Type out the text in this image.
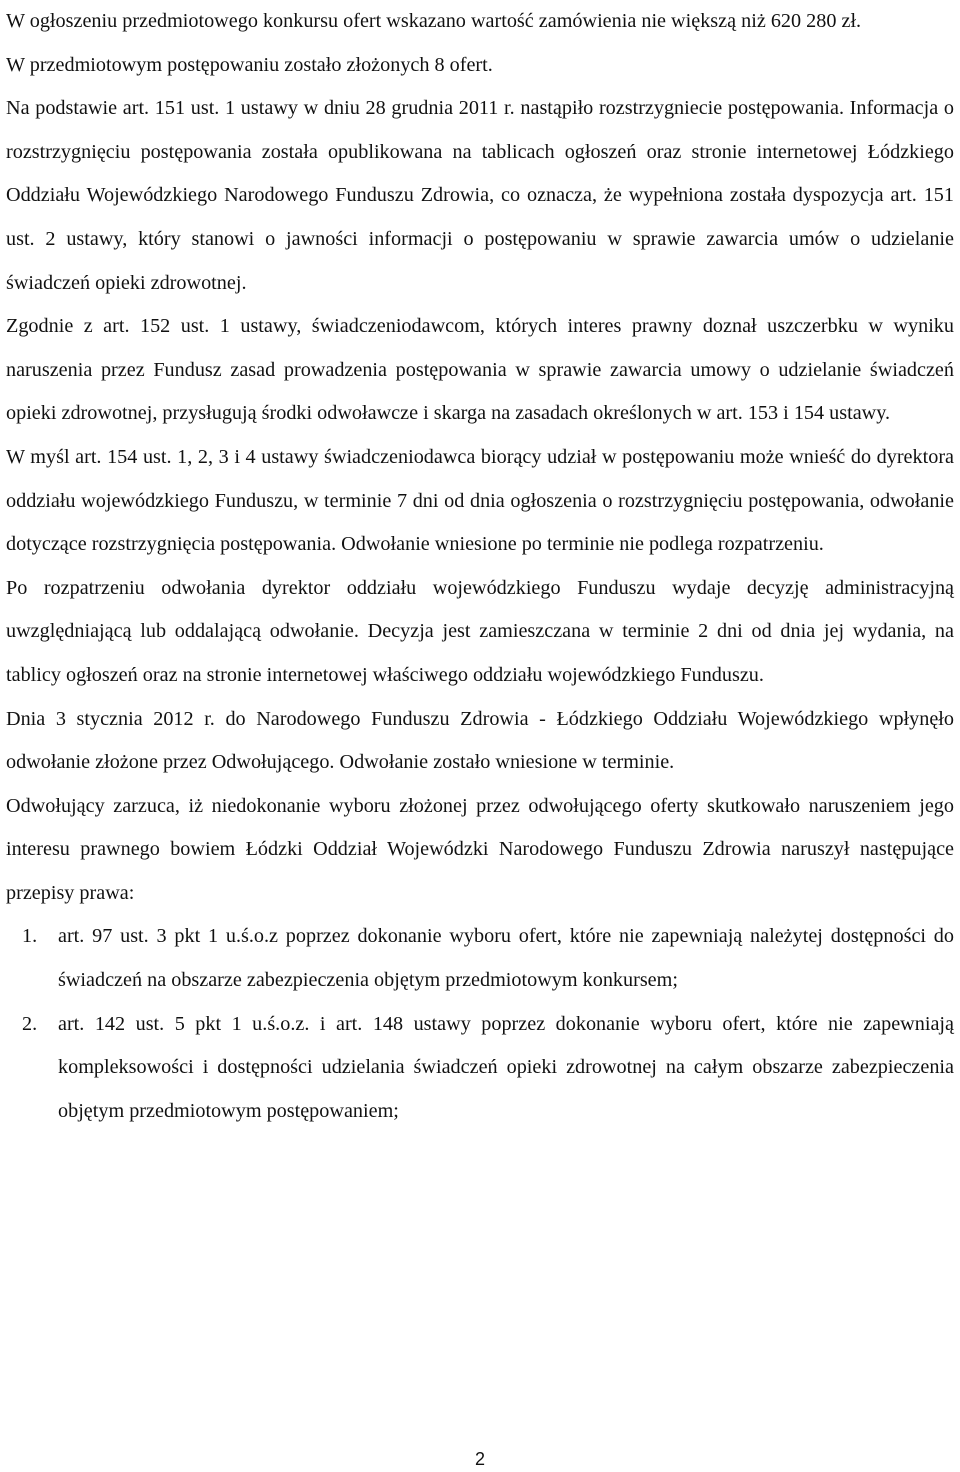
W ogłoszeniu przedmiotowego konkursu ofert wskazano wartość zamówienia nie większą niż 620 280 zł.

W przedmiotowym postępowaniu zostało złożonych 8 ofert.

Na podstawie art. 151 ust. 1 ustawy w dniu 28 grudnia 2011 r. nastąpiło rozstrzygniecie postępowania. Informacja o rozstrzygnięciu postępowania została opublikowana na tablicach ogłoszeń oraz stronie internetowej Łódzkiego Oddziału Wojewódzkiego Narodowego Funduszu Zdrowia, co oznacza, że wypełniona została dyspozycja art. 151 ust. 2 ustawy, który stanowi o jawności informacji o postępowaniu w sprawie zawarcia umów o udzielanie świadczeń opieki zdrowotnej.

Zgodnie z art. 152 ust. 1 ustawy, świadczeniodawcom, których interes prawny doznał uszczerbku w wyniku naruszenia przez Fundusz zasad prowadzenia postępowania w sprawie zawarcia umowy o udzielanie świadczeń opieki zdrowotnej, przysługują środki odwoławcze i skarga na zasadach określonych w art. 153 i 154 ustawy.

W myśl art. 154 ust. 1, 2, 3 i 4 ustawy świadczeniodawca biorący udział w postępowaniu może wnieść do dyrektora oddziału wojewódzkiego Funduszu, w terminie 7 dni od dnia ogłoszenia o rozstrzygnięciu postępowania, odwołanie dotyczące rozstrzygnięcia postępowania. Odwołanie wniesione po terminie nie podlega rozpatrzeniu.

Po rozpatrzeniu odwołania dyrektor oddziału wojewódzkiego Funduszu wydaje decyzję administracyjną uwzględniającą lub oddalającą odwołanie. Decyzja jest zamieszczana w terminie 2 dni od dnia jej wydania, na tablicy ogłoszeń oraz na stronie internetowej właściwego oddziału wojewódzkiego Funduszu.

Dnia 3 stycznia 2012 r. do Narodowego Funduszu Zdrowia - Łódzkiego Oddziału Wojewódzkiego wpłynęło odwołanie złożone przez Odwołującego. Odwołanie zostało wniesione w terminie.

Odwołujący zarzuca, iż niedokonanie wyboru złożonej przez odwołującego oferty skutkowało naruszeniem jego interesu prawnego bowiem Łódzki Oddział Wojewódzki Narodowego Funduszu Zdrowia naruszył następujące przepisy prawa:

1. art. 97 ust. 3 pkt 1 u.ś.o.z poprzez dokonanie wyboru ofert, które nie zapewniają należytej dostępności do świadczeń na obszarze zabezpieczenia objętym przedmiotowym konkursem;
2. art. 142 ust. 5 pkt 1 u.ś.o.z. i art. 148 ustawy poprzez dokonanie wyboru ofert, które nie zapewniają kompleksowości i dostępności udzielania świadczeń opieki zdrowotnej na całym obszarze zabezpieczenia objętym przedmiotowym postępowaniem;
2
